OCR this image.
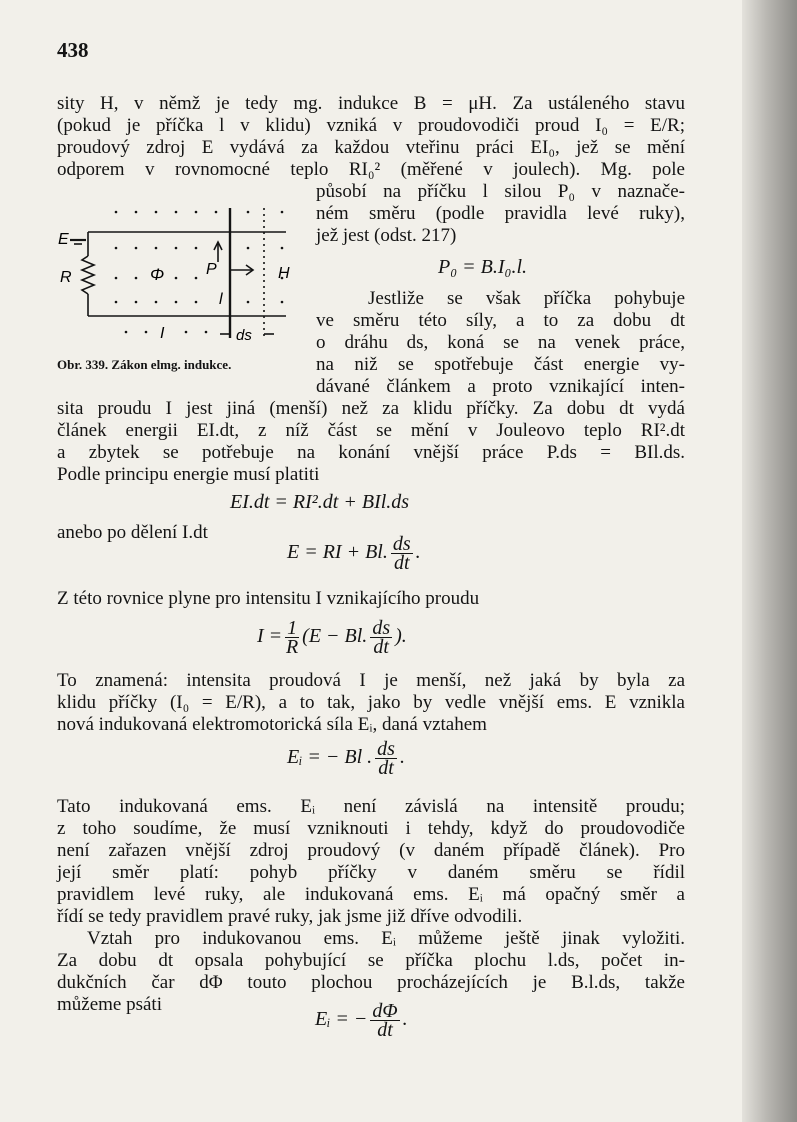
438
sity H, v němž je tedy mg. indukce B = μH. Za ustáleného stavu
(pokud je příčka l v klidu) vzniká v proudovodiči proud I₀ = E/R;
proudový zdroj E vydává za každou vteřinu práci EI₀, jež se mění
odporem v rovnomocné teplo RI₀² (měřené v joulech). Mg. pole
působí na příčku l silou P₀ v naznače-
ném směru (podle pravidla levé ruky),
jež jest (odst. 217)
P₀ = B.I₀.l.
Jestliže se však příčka pohybuje
ve směru této síly, a to za dobu dt
o dráhu ds, koná se na venek práce,
na niž se spotřebuje část energie vy-
dávané článkem a proto vznikající inten-
sita proudu I jest jiná (menší) než za klidu příčky. Za dobu dt vydá
článek energii EI.dt, z níž část se mění v Jouleovo teplo RI².dt
a zbytek se potřebuje na konání vnější práce P.ds = BIl.ds.
Podle principu energie musí platiti
EI.dt = RI².dt + BIl.ds
anebo po dělení I.dt
E = RI + Bl. $\frac{ds}{dt}$ .
Z této rovnice plyne pro intensitu I vznikajícího proudu
$I = \frac{1}{R} (E - Bl$. $\frac{ds}{dt}$ ).
To znamená: intensita proudová I je menší, než jaká by byla za
klidu příčky (I₀ = E/R), a to tak, jako by vedle vnější ems. E vznikla
nová indukovaná elektromotorická síla Eᵢ, daná vztahem
Eᵢ = − Bl . $\frac{ds}{dt}$ .
Tato indukovaná ems. Eᵢ není závislá na intensitě proudu;
z toho soudíme, že musí vzniknouti i tehdy, když do proudovodiče
není zařazen vnější zdroj proudový (v daném případě článek). Pro
její směr platí: pohyb příčky v daném směru se řídil
pravidlem levé ruky, ale indukovaná ems. Eᵢ má opačný směr a
řídí se tedy pravidlem pravé ruky, jak jsme již dříve odvodili.
Vztah pro indukovanou ems. Eᵢ můžeme ještě jinak vyložiti.
Za dobu dt opsala pohybující se příčka plochu l.ds, počet in-
dukčních čar dΦ touto plochou procházejících je B.l.ds, takže
můžeme psáti
Eᵢ = − $\frac{d\Phi}{dt}$ .
E
R	Φ	P	H
l
I	ds
Obr. 339. Zákon elmg. indukce.
